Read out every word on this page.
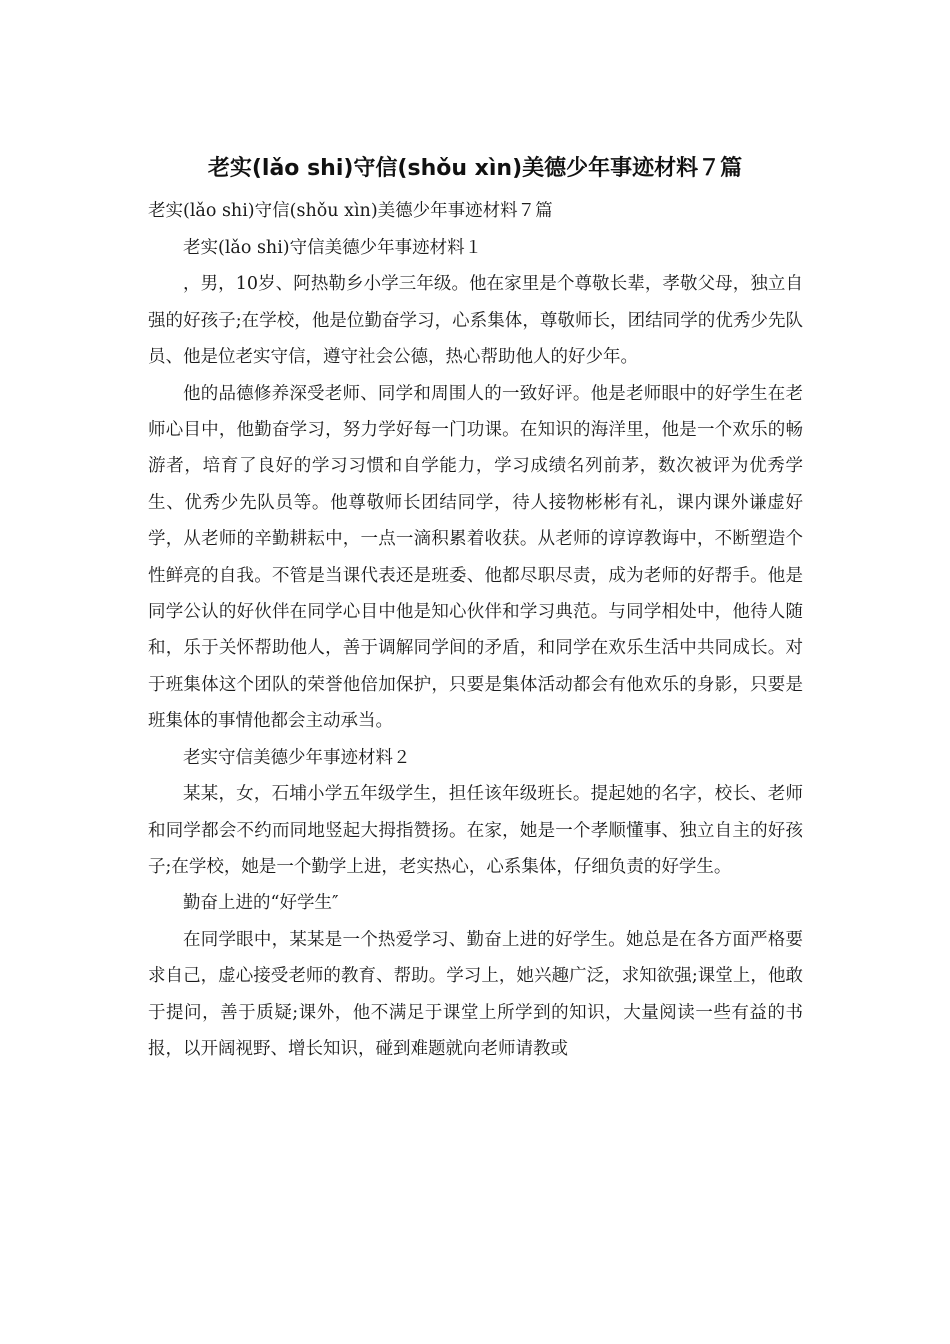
老实(lǎo shi)守信(shǒu xìn)美德少年事迹材料７篇

老实(lǎo shi)守信(shǒu xìn)美德少年事迹材料７篇

老实(lǎo shi)守信美德少年事迹材料１

，男，10岁、阿热勒乡小学三年级。他在家里是个尊敬长辈，孝敬父母，独立自强的好孩子;在学校，他是位勤奋学习，心系集体，尊敬师长，团结同学的优秀少先队员、他是位老实守信，遵守社会公德，热心帮助他人的好少年。

他的品德修养深受老师、同学和周围人的一致好评。他是老师眼中的好学生在老师心目中，他勤奋学习，努力学好每一门功课。在知识的海洋里，他是一个欢乐的畅游者，培育了良好的学习习惯和自学能力，学习成绩名列前茅，数次被评为优秀学生、优秀少先队员等。他尊敬师长团结同学，待人接物彬彬有礼，课内课外谦虚好学，从老师的辛勤耕耘中，一点一滴积累着收获。从老师的谆谆教诲中，不断塑造个性鲜亮的自我。不管是当课代表还是班委、他都尽职尽责，成为老师的好帮手。他是同学公认的好伙伴在同学心目中他是知心伙伴和学习典范。与同学相处中，他待人随和，乐于关怀帮助他人，善于调解同学间的矛盾，和同学在欢乐生活中共同成长。对于班集体这个团队的荣誉他倍加保护，只要是集体活动都会有他欢乐的身影，只要是班集体的事情他都会主动承当。

老实守信美德少年事迹材料２

某某，女，石埔小学五年级学生，担任该年级班长。提起她的名字，校长、老师和同学都会不约而同地竖起大拇指赞扬。在家，她是一个孝顺懂事、独立自主的好孩子;在学校，她是一个勤学上进，老实热心，心系集体，仔细负责的好学生。

勤奋上进的“好学生″

在同学眼中，某某是一个热爱学习、勤奋上进的好学生。她总是在各方面严格要求自己，虚心接受老师的教育、帮助。学习上，她兴趣广泛，求知欲强;课堂上，他敢于提问，善于质疑;课外，他不满足于课堂上所学到的知识，大量阅读一些有益的书报，以开阔视野、增长知识，碰到难题就向老师请教或
